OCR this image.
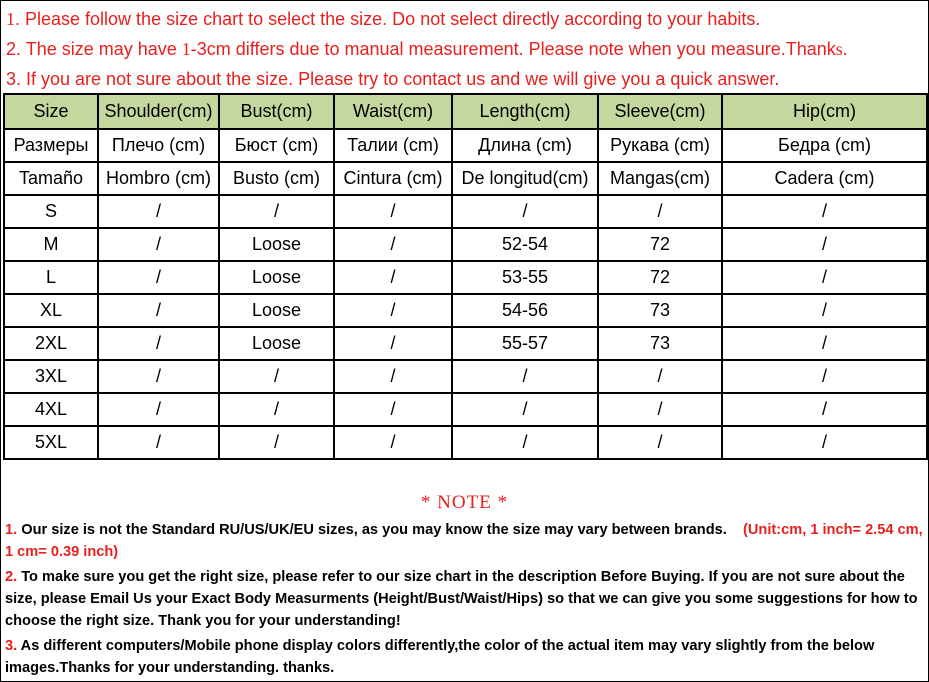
1. Please follow the size chart to select the size. Do not select directly according to your habits.
2. The size may have 1-3cm differs due to manual measurement. Please note when you measure.Thanks.
3. If you are not sure about the size. Please try to contact us and we will give you a quick answer.
Size	Shoulder(cm)	Bust(cm)	Waist(cm)	Length(cm)	Sleeve(cm)	Hip(cm)
Размеры	Плечо (cm)	Бюст (cm)	Талии (cm)	Длина (cm)	Рукава (cm)	Бедра (cm)
Tamaño	Hombro (cm)	Busto (cm)	Cintura (cm)	De longitud(cm)	Mangas(cm)	Cadera (cm)
S	/	/	/	/	/	/
M	/	Loose	/	52-54	72	/
L	/	Loose	/	53-55	72	/
XL	/	Loose	/	54-56	73	/
2XL	/	Loose	/	55-57	73	/
3XL	/	/	/	/	/	/
4XL	/	/	/	/	/	/
5XL	/	/	/	/	/	/
* NOTE *
1. Our size is not the Standard RU/US/UK/EU sizes, as you may know the size may vary between brands. (Unit:cm, 1 inch= 2.54 cm, 1 cm= 0.39 inch)
2. To make sure you get the right size, please refer to our size chart in the description Before Buying. If you are not sure about the size, please Email Us your Exact Body Measurments (Height/Bust/Waist/Hips) so that we can give you some suggestions for how to choose the right size. Thank you for your understanding!
3. As different computers/Mobile phone display colors differently,the color of the actual item may vary slightly from the below images.Thanks for your understanding. thanks.
